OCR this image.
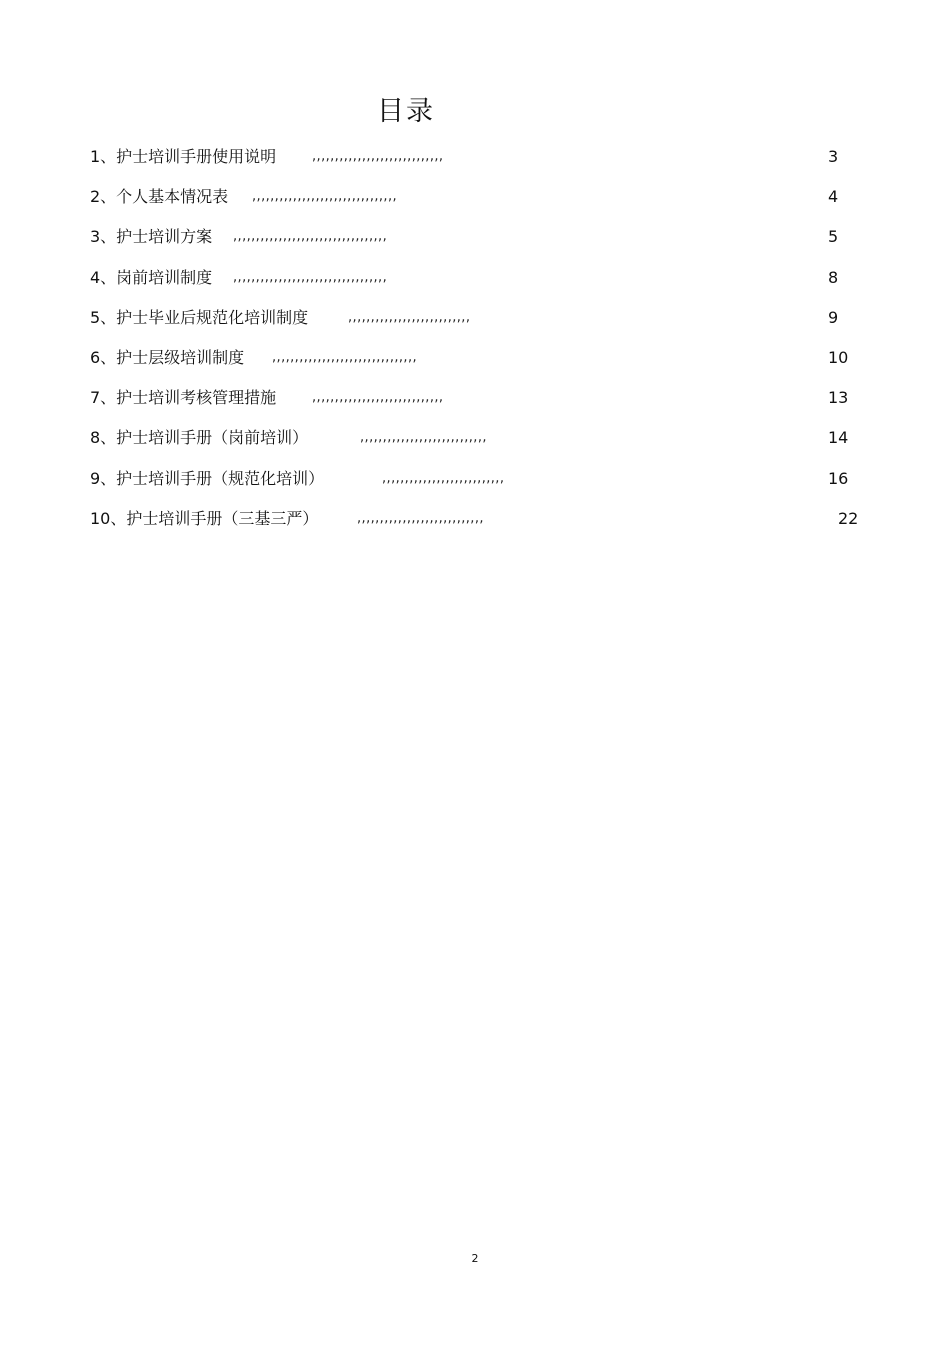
目录
1、护士培训手册使用说明	,,,,,,,,,,,,,,,,,,,,,,,,,,,,,	3
2、个人基本情况表 ,,,,,,,,,,,,,,,,,,,,,,,,,,,,,,,,	4
3、护士培训方案 ,,,,,,,,,,,,,,,,,,,,,,,,,,,,,,,,,,	5
4、岗前培训制度 ,,,,,,,,,,,,,,,,,,,,,,,,,,,,,,,,,,	8
5、护士毕业后规范化培训制度	,,,,,,,,,,,,,,,,,,,,,,,,,,,	9
6、护士层级培训制度 ,,,,,,,,,,,,,,,,,,,,,,,,,,,,,,,,	10
7、护士培训考核管理措施	,,,,,,,,,,,,,,,,,,,,,,,,,,,,,	13
8、护士培训手册（岗前培训）	,,,,,,,,,,,,,,,,,,,,,,,,,,,,	14
9、护士培训手册（规范化培训）	,,,,,,,,,,,,,,,,,,,,,,,,,,,	16
10、护士培训手册（三基三严）	,,,,,,,,,,,,,,,,,,,,,,,,,,,,	22
2
